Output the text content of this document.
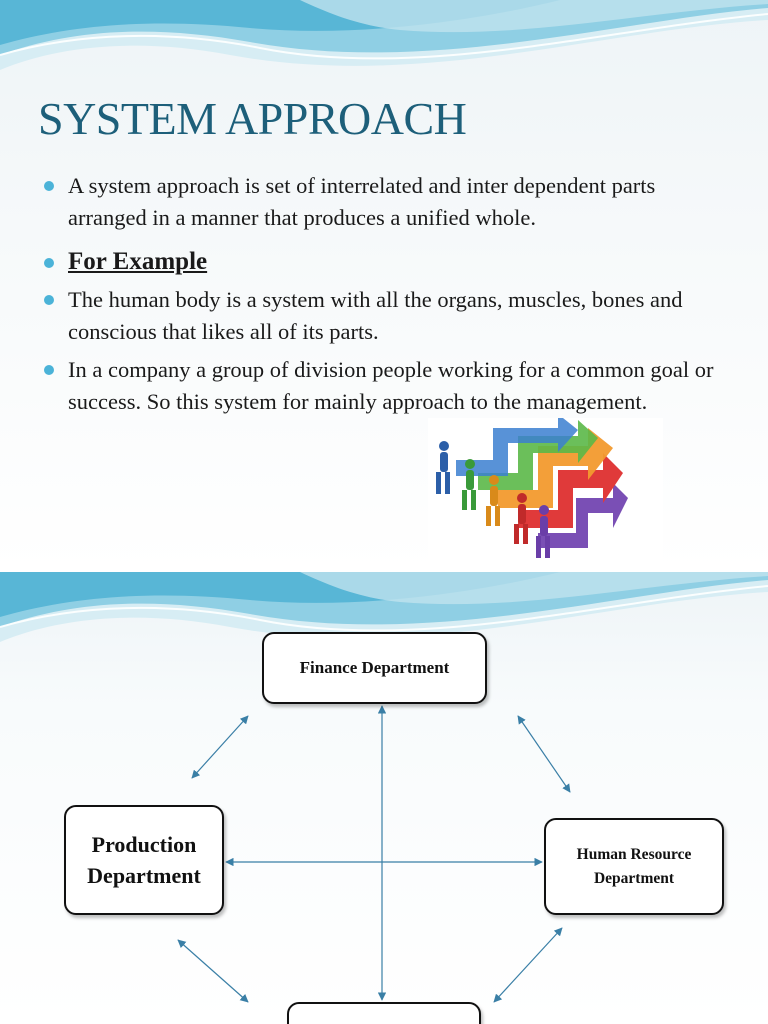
SYSTEM APPROACH
A system approach is set of interrelated and inter dependent parts arranged in a manner that produces a unified whole.
For Example
The human body is a system with all the organs, muscles, bones and conscious that likes all of its parts.
In a company a group of division people working for a common goal or success. So this system for mainly approach to the management.
Finance Department
Production
Department
Human Resource
Department
